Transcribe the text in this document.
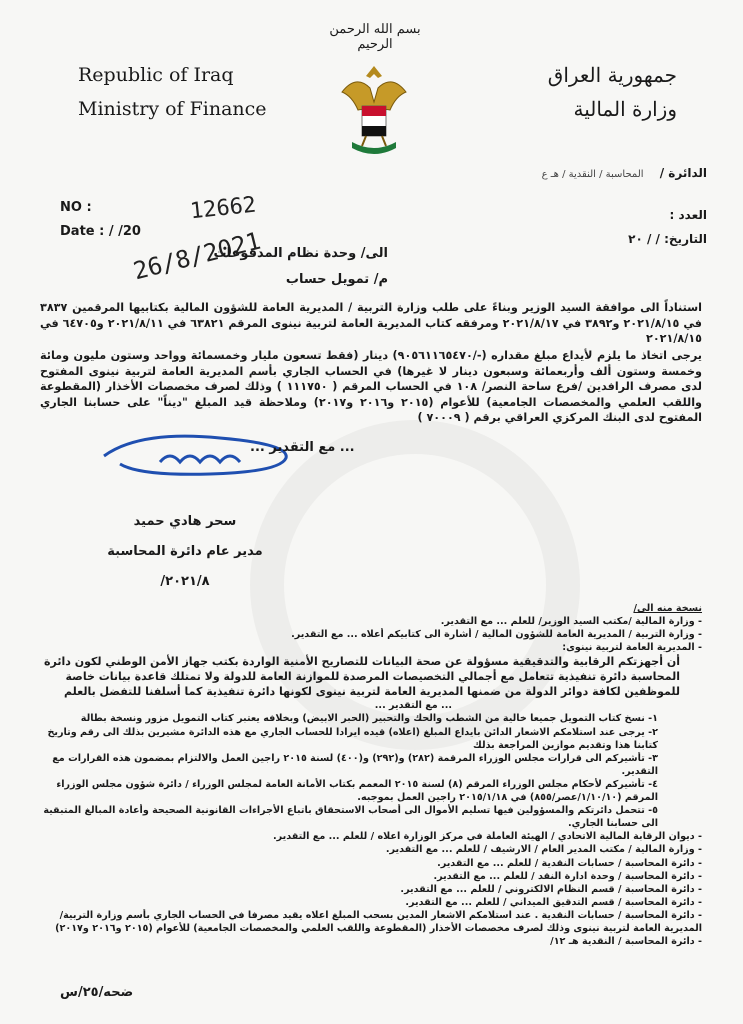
بسم الله الرحمن الرحيم
Republic of Iraq
Ministry of Finance
جمهورية العراق
وزارة المالية
الدائرة / المحاسبة / النقدية / هـ ع
العدد :
التاريخ: / / ٢٠
NO :
Date : / /20
12662
26/8/2021
الى/ وحدة نظام المدفوعات
م/ تمويل حساب
استناداً الى موافقة السيد الوزير وبناءً على طلب وزارة التربية / المديرية العامة للشؤون المالية بكتابيها المرقمين ٣٨٣٧ في ٢٠٢١/٨/١٥ و٣٨٩٢ في ٢٠٢١/٨/١٧ ومرفقه كتاب المديرية العامة لتربية نينوى المرقم ٦٣٨٢١ في ٢٠٢١/٨/١١ و٦٤٧٠٥ في ٢٠٢١/٨/١٥
يرجى اتخاذ ما يلزم لأيداع مبلغ مقداره (-/٩٠٥٦١١٦٥٤٧٠) دينار (فقط تسعون مليار وخمسمائة وواحد وستون مليون ومائة وخمسة وستون ألف وأربعمائة وسبعون دينار لا غيرها) في الحساب الجاري بأسم المديرية العامة لتربية نينوى المفتوح لدى مصرف الرافدين /فرع ساحة النصر/ ١٠٨ في الحساب المرقم ( ١١١٧٥٠ ) وذلك لصرف مخصصات الأخذار (المقطوعة واللقب العلمي والمخصصات الجامعية) للأعوام (٢٠١٥ و٢٠١٦ و٢٠١٧) وملاحظة قيد المبلغ "ديناً" على حسابنا الجاري المفتوح لدى البنك المركزي العراقي برقم ( ٧٠٠٠٩ )
... مع التقدير ...
سحر هادي حميد
مدير عام دائرة المحاسبة
٢٠٢١/٨/
نسخة منه الى/
- وزارة المالية /مكتب السيد الوزير/ للعلم ... مع التقدير.
- وزارة التربية / المديرية العامة للشؤون المالية / أشارة الى كتابيكم أعلاه ... مع التقدير.
- المديرية العامة لتربية نينوى:
أن أجهزتكم الرقابية والتدقيقية مسؤولة عن صحة البيانات للتصاريح الأمنية الواردة بكتب جهاز الأمن الوطني لكون دائرة المحاسبة دائرة تنفيذية تتعامل مع أجمالي التخصيصات المرصدة للموازنة العامة للدولة ولا تمتلك قاعدة بيانات خاصة للموظفين لكافة دوائر الدولة من ضمنها المديرية العامة لتربية نينوى لكونها دائرة تنفيذية كما أسلفنا للتفضل بالعلم
... مع التقدير ...
١- نسخ كتاب التمويل جميعا خالية من الشطب والحك والتحبير (الحبر الابيض) وبخلافه يعتبر كتاب التمويل مزور ونسخة بطالة
٢- يرجى عند استلامكم الاشعار الدائن بايداع المبلغ (اعلاه) قيده ايرادا للحساب الجاري مع هذه الدائرة مشيرين بذلك الى رقم وتاريخ كتابنا هذا وتقديم موازين المراجعة بذلك
٣- تأشيركم الى قرارات مجلس الوزراء المرقمة (٢٨٢) و(٢٩٢) و(٤٠٠) لسنة ٢٠١٥ راجين العمل والالتزام بمضمون هذه القرارات مع التقدير.
٤- تأشيركم لأحكام مجلس الوزراء المرقم (٨) لسنة ٢٠١٥ المعمم بكتاب الأمانة العامة لمجلس الوزراء / دائرة شؤون مجلس الوزراء المرقم (١/١٠/١٠/عصر/٨٥٥) في ٢٠١٥/١/١٨ راجين العمل بموجبه.
٥- تتحمل دائرتكم والمسؤولين فيها تسليم الأموال الى أصحاب الاستحقاق باتباع الأجراءات القانونية الصحيحة وأعادة المبالغ المتبقية الى حسابنا الجاري.
- ديوان الرقابة المالية الاتحادي / الهيئة العاملة في مركز الوزارة اعلاه / للعلم ... مع التقدير.
- وزارة المالية / مكتب المدير العام / الارشيف / للعلم ... مع التقدير.
- دائرة المحاسبة / حسابات النقدية / للعلم ... مع التقدير.
- دائرة المحاسبة / وحدة ادارة النقد / للعلم ... مع التقدير.
- دائرة المحاسبة / قسم النظام الالكتروني / للعلم ... مع التقدير.
- دائرة المحاسبة / قسم التدقيق الميداني / للعلم ... مع التقدير.
- دائرة المحاسبة / حسابات النقدية . عند استلامكم الاشعار المدين بسحب المبلغ اعلاه يقيد مصرفا في الحساب الجاري بأسم وزارة التربية/ المديرية العامة لتربية نينوى وذلك لصرف مخصصات الأخذار (المقطوعة واللقب العلمي والمخصصات الجامعية) للأعوام (٢٠١٥ و٢٠١٦ و٢٠١٧)
- دائرة المحاسبة / النقدية هـ ١٢/
ضحه/٢٥/س
